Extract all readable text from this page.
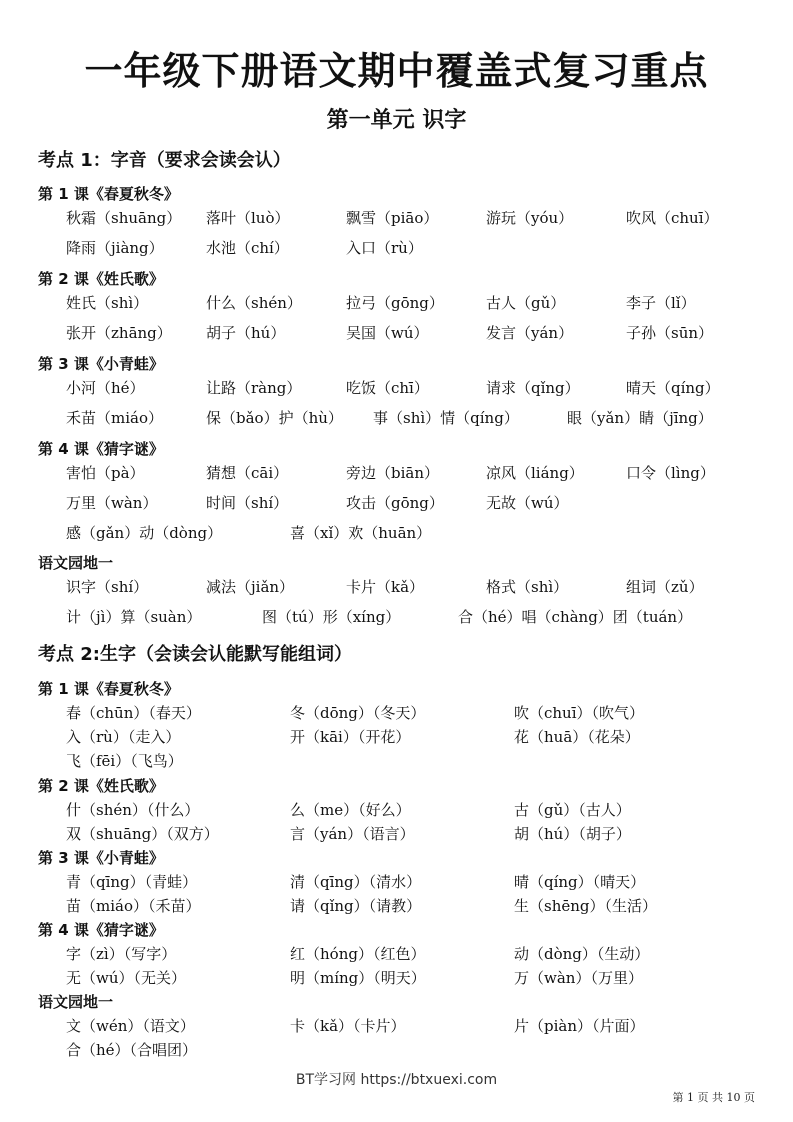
一年级下册语文期中覆盖式复习重点
第一单元 识字
考点 1：字音（要求会读会认）
第 1 课《春夏秋冬》
秋霜（shuāng） 落叶（luò）	飘雪（piāo）	游玩（yóu）	吹风（chuī）
降雨（jiàng）	水池（chí）	入口（rù）
第 2 课《姓氏歌》
姓氏（shì）	什么（shén）	拉弓（gōng）	古人（gǔ）	李子（lǐ）
张开（zhāng） 胡子（hú）	吴国（wú）	发言（yán）	子孙（sūn）
第 3 课《小青蛙》
小河（hé）	让路（ràng）	吃饭（chī）	请求（qǐng）	晴天（qíng）
禾苗（miáo）	保（bǎo）护（hù） 事（shì）情（qíng）	眼（yǎn）睛（jīng）
第 4 课《猜字谜》
害怕（pà）	猜想（cāi）	旁边（biān）	凉风（liáng）	口令（lìng）
万里（wàn）	时间（shí）	攻击（gōng）	无故（wú）
感（gǎn）动（dòng）	喜（xǐ）欢（huān）
语文园地一
识字（shí）	减法（jiǎn）	卡片（kǎ）	格式（shì）	组词（zǔ）
计（jì）算（suàn）	图（tú）形（xíng）	合（hé）唱（chàng）团（tuán）
考点 2:生字（会读会认能默写能组词）
第 1 课《春夏秋冬》
春（chūn）（春天）	冬（dōng）（冬天）	吹（chuī）（吹气）
入（rù）（走入）	开（kāi）（开花）	花（huā）（花朵）
飞（fēi）（飞鸟）
第 2 课《姓氏歌》
什（shén）（什么）	么（me）（好么）	古（gǔ）（古人）
双（shuāng）（双方）	言（yán）（语言）	胡（hú）（胡子）
第 3 课《小青蛙》
青（qīng）（青蛙）	清（qīng）（清水）	晴（qíng）（晴天）
苗（miáo）（禾苗）	请（qǐng）（请教）	生（shēng）（生活）
第 4 课《猜字谜》
字（zì）（写字）	红（hóng）（红色）	动（dòng）（生动）
无（wú）（无关）	明（míng）（明天）	万（wàn）（万里）
语文园地一
文（wén）（语文）	卡（kǎ）（卡片）	片（piàn）（片面）
合（hé）（合唱团）
BT学习网 https://btxuexi.com
第 1 页 共 10 页
